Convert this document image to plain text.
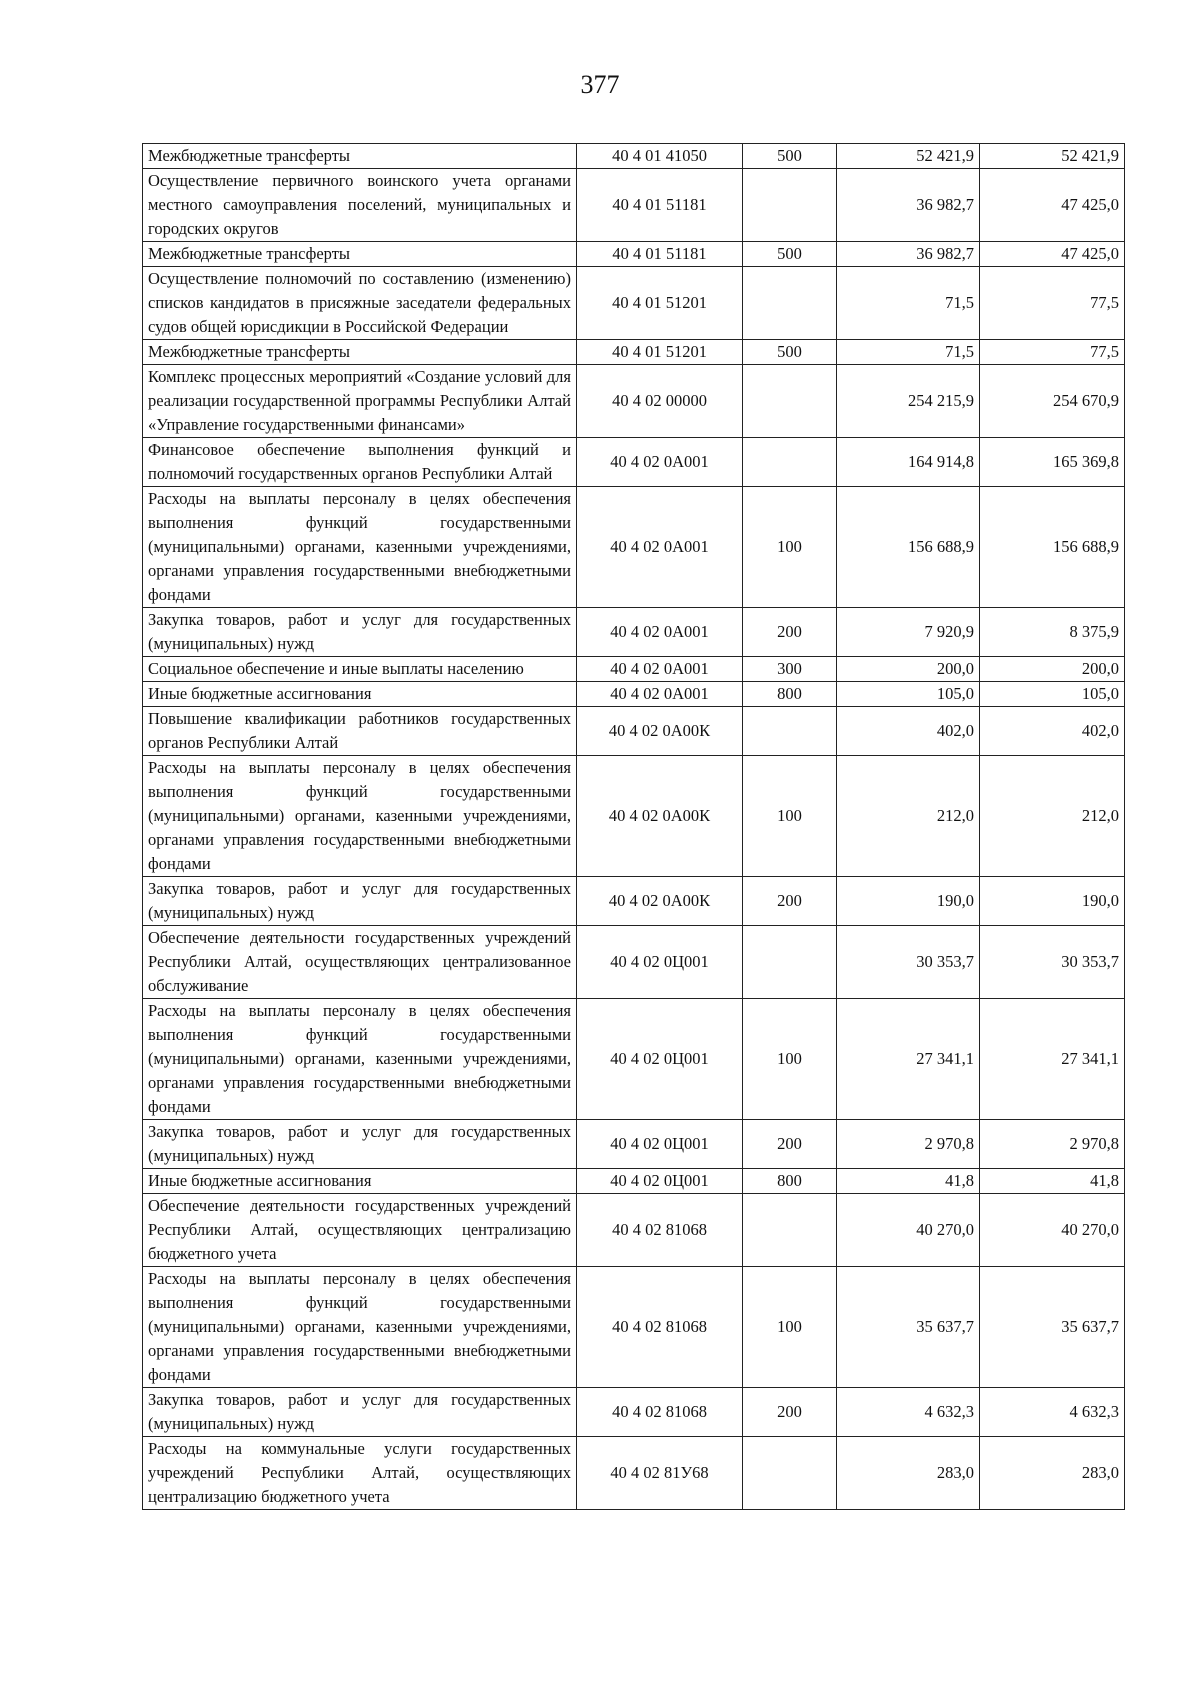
377
Межбюджетные трансферты	40 4 01 41050	500	52 421,9	52 421,9
Осуществление первичного воинского учета органами местного самоуправления поселений, муниципальных и городских округов	40 4 01 51181		36 982,7	47 425,0
Межбюджетные трансферты	40 4 01 51181	500	36 982,7	47 425,0
Осуществление полномочий по составлению (изменению) списков кандидатов в присяжные заседатели федеральных судов общей юрисдикции в Российской Федерации	40 4 01 51201		71,5	77,5
Межбюджетные трансферты	40 4 01 51201	500	71,5	77,5
Комплекс процессных мероприятий «Создание условий для реализации государственной программы Республики Алтай «Управление государственными финансами»	40 4 02 00000		254 215,9	254 670,9
Финансовое обеспечение выполнения функций и полномочий государственных органов Республики Алтай	40 4 02 0А001		164 914,8	165 369,8
Расходы на выплаты персоналу в целях обеспечения выполнения функций государственными (муниципальными) органами, казенными учреждениями, органами управления государственными внебюджетными фондами	40 4 02 0А001	100	156 688,9	156 688,9
Закупка товаров, работ и услуг для государственных (муниципальных) нужд	40 4 02 0А001	200	7 920,9	8 375,9
Социальное обеспечение и иные выплаты населению	40 4 02 0А001	300	200,0	200,0
Иные бюджетные ассигнования	40 4 02 0А001	800	105,0	105,0
Повышение квалификации работников государственных органов Республики Алтай	40 4 02 0А00К		402,0	402,0
Расходы на выплаты персоналу в целях обеспечения выполнения функций государственными (муниципальными) органами, казенными учреждениями, органами управления государственными внебюджетными фондами	40 4 02 0А00К	100	212,0	212,0
Закупка товаров, работ и услуг для государственных (муниципальных) нужд	40 4 02 0А00К	200	190,0	190,0
Обеспечение деятельности государственных учреждений Республики Алтай, осуществляющих централизованное обслуживание	40 4 02 0Ц001		30 353,7	30 353,7
Расходы на выплаты персоналу в целях обеспечения выполнения функций государственными (муниципальными) органами, казенными учреждениями, органами управления государственными внебюджетными фондами	40 4 02 0Ц001	100	27 341,1	27 341,1
Закупка товаров, работ и услуг для государственных (муниципальных) нужд	40 4 02 0Ц001	200	2 970,8	2 970,8
Иные бюджетные ассигнования	40 4 02 0Ц001	800	41,8	41,8
Обеспечение деятельности государственных учреждений Республики Алтай, осуществляющих централизацию бюджетного учета	40 4 02 81068		40 270,0	40 270,0
Расходы на выплаты персоналу в целях обеспечения выполнения функций государственными (муниципальными) органами, казенными учреждениями, органами управления государственными внебюджетными фондами	40 4 02 81068	100	35 637,7	35 637,7
Закупка товаров, работ и услуг для государственных (муниципальных) нужд	40 4 02 81068	200	4 632,3	4 632,3
Расходы на коммунальные услуги государственных учреждений Республики Алтай, осуществляющих централизацию бюджетного учета	40 4 02 81У68		283,0	283,0
